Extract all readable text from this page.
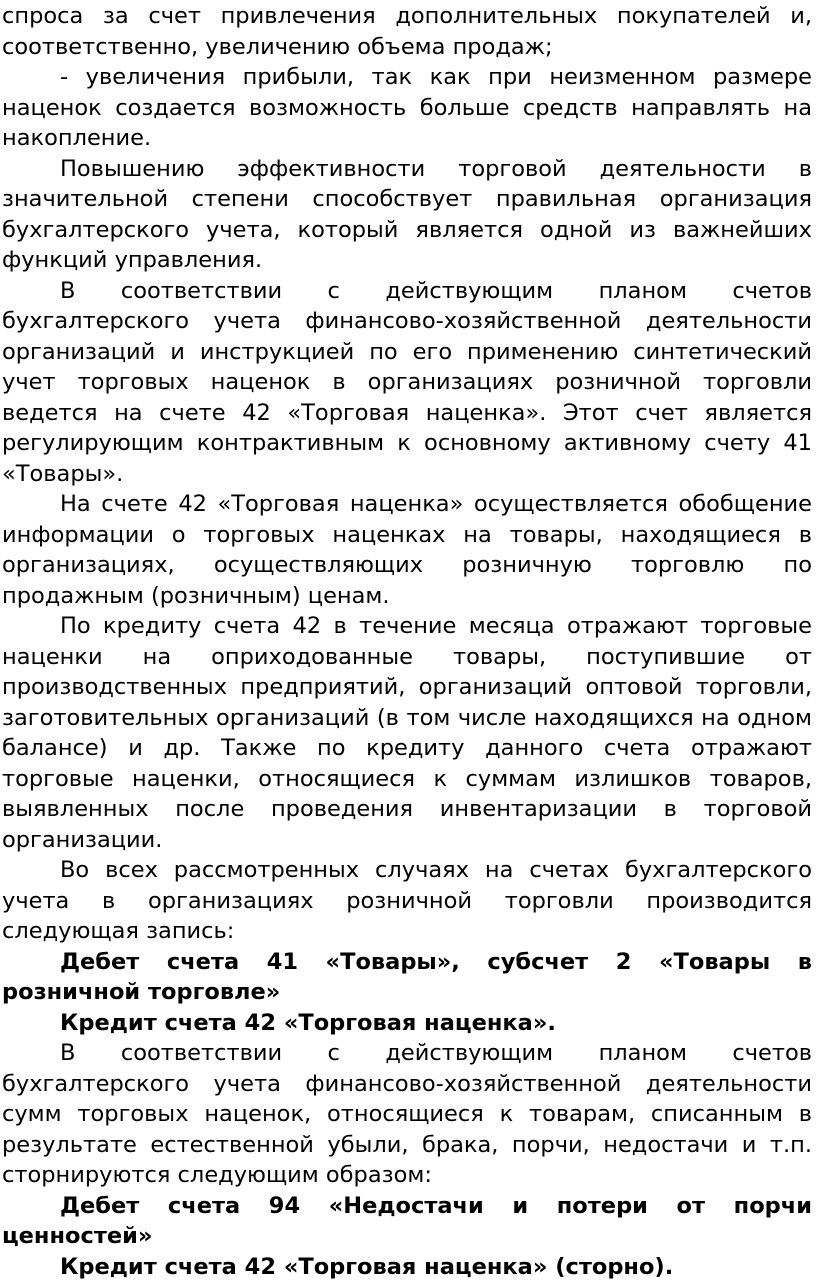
спроса за счет привлечения дополнительных покупателей и, соответственно, увеличению объема продаж;

- увеличения прибыли, так как при неизменном размере наценок создается возможность больше средств направлять на накопление.

Повышению эффективности торговой деятельности в значительной степени способствует правильная организация бухгалтерского учета, который является одной из важнейших функций управления.

В соответствии с действующим планом счетов бухгалтерского учета финансово-хозяйственной деятельности организаций и инструкцией по его применению синтетический учет торговых наценок в организациях розничной торговли ведется на счете 42 «Торговая наценка». Этот счет является регулирующим контрактивным к основному активному счету 41 «Товары».

На счете 42 «Торговая наценка» осуществляется обобщение информации о торговых наценках на товары, находящиеся в организациях, осуществляющих розничную торговлю по продажным (розничным) ценам.

По кредиту счета 42 в течение месяца отражают торговые наценки на оприходованные товары, поступившие от производственных предприятий, организаций оптовой торговли, заготовительных организаций (в том числе находящихся на одном балансе) и др. Также по кредиту данного счета отражают торговые наценки, относящиеся к суммам излишков товаров, выявленных после проведения инвентаризации в торговой организации.

Во всех рассмотренных случаях на счетах бухгалтерского учета в организациях розничной торговли производится следующая запись:

Дебет счета 41 «Товары», субсчет 2 «Товары в розничной торговле»

Кредит счета 42 «Торговая наценка».

В соответствии с действующим планом счетов бухгалтерского учета финансово-хозяйственной деятельности сумм торговых наценок, относящиеся к товарам, списанным в результате естественной убыли, брака, порчи, недостачи и т.п. сторнируются следующим образом:

Дебет счета 94 «Недостачи и потери от порчи ценностей»

Кредит счета 42 «Торговая наценка» (сторно).
